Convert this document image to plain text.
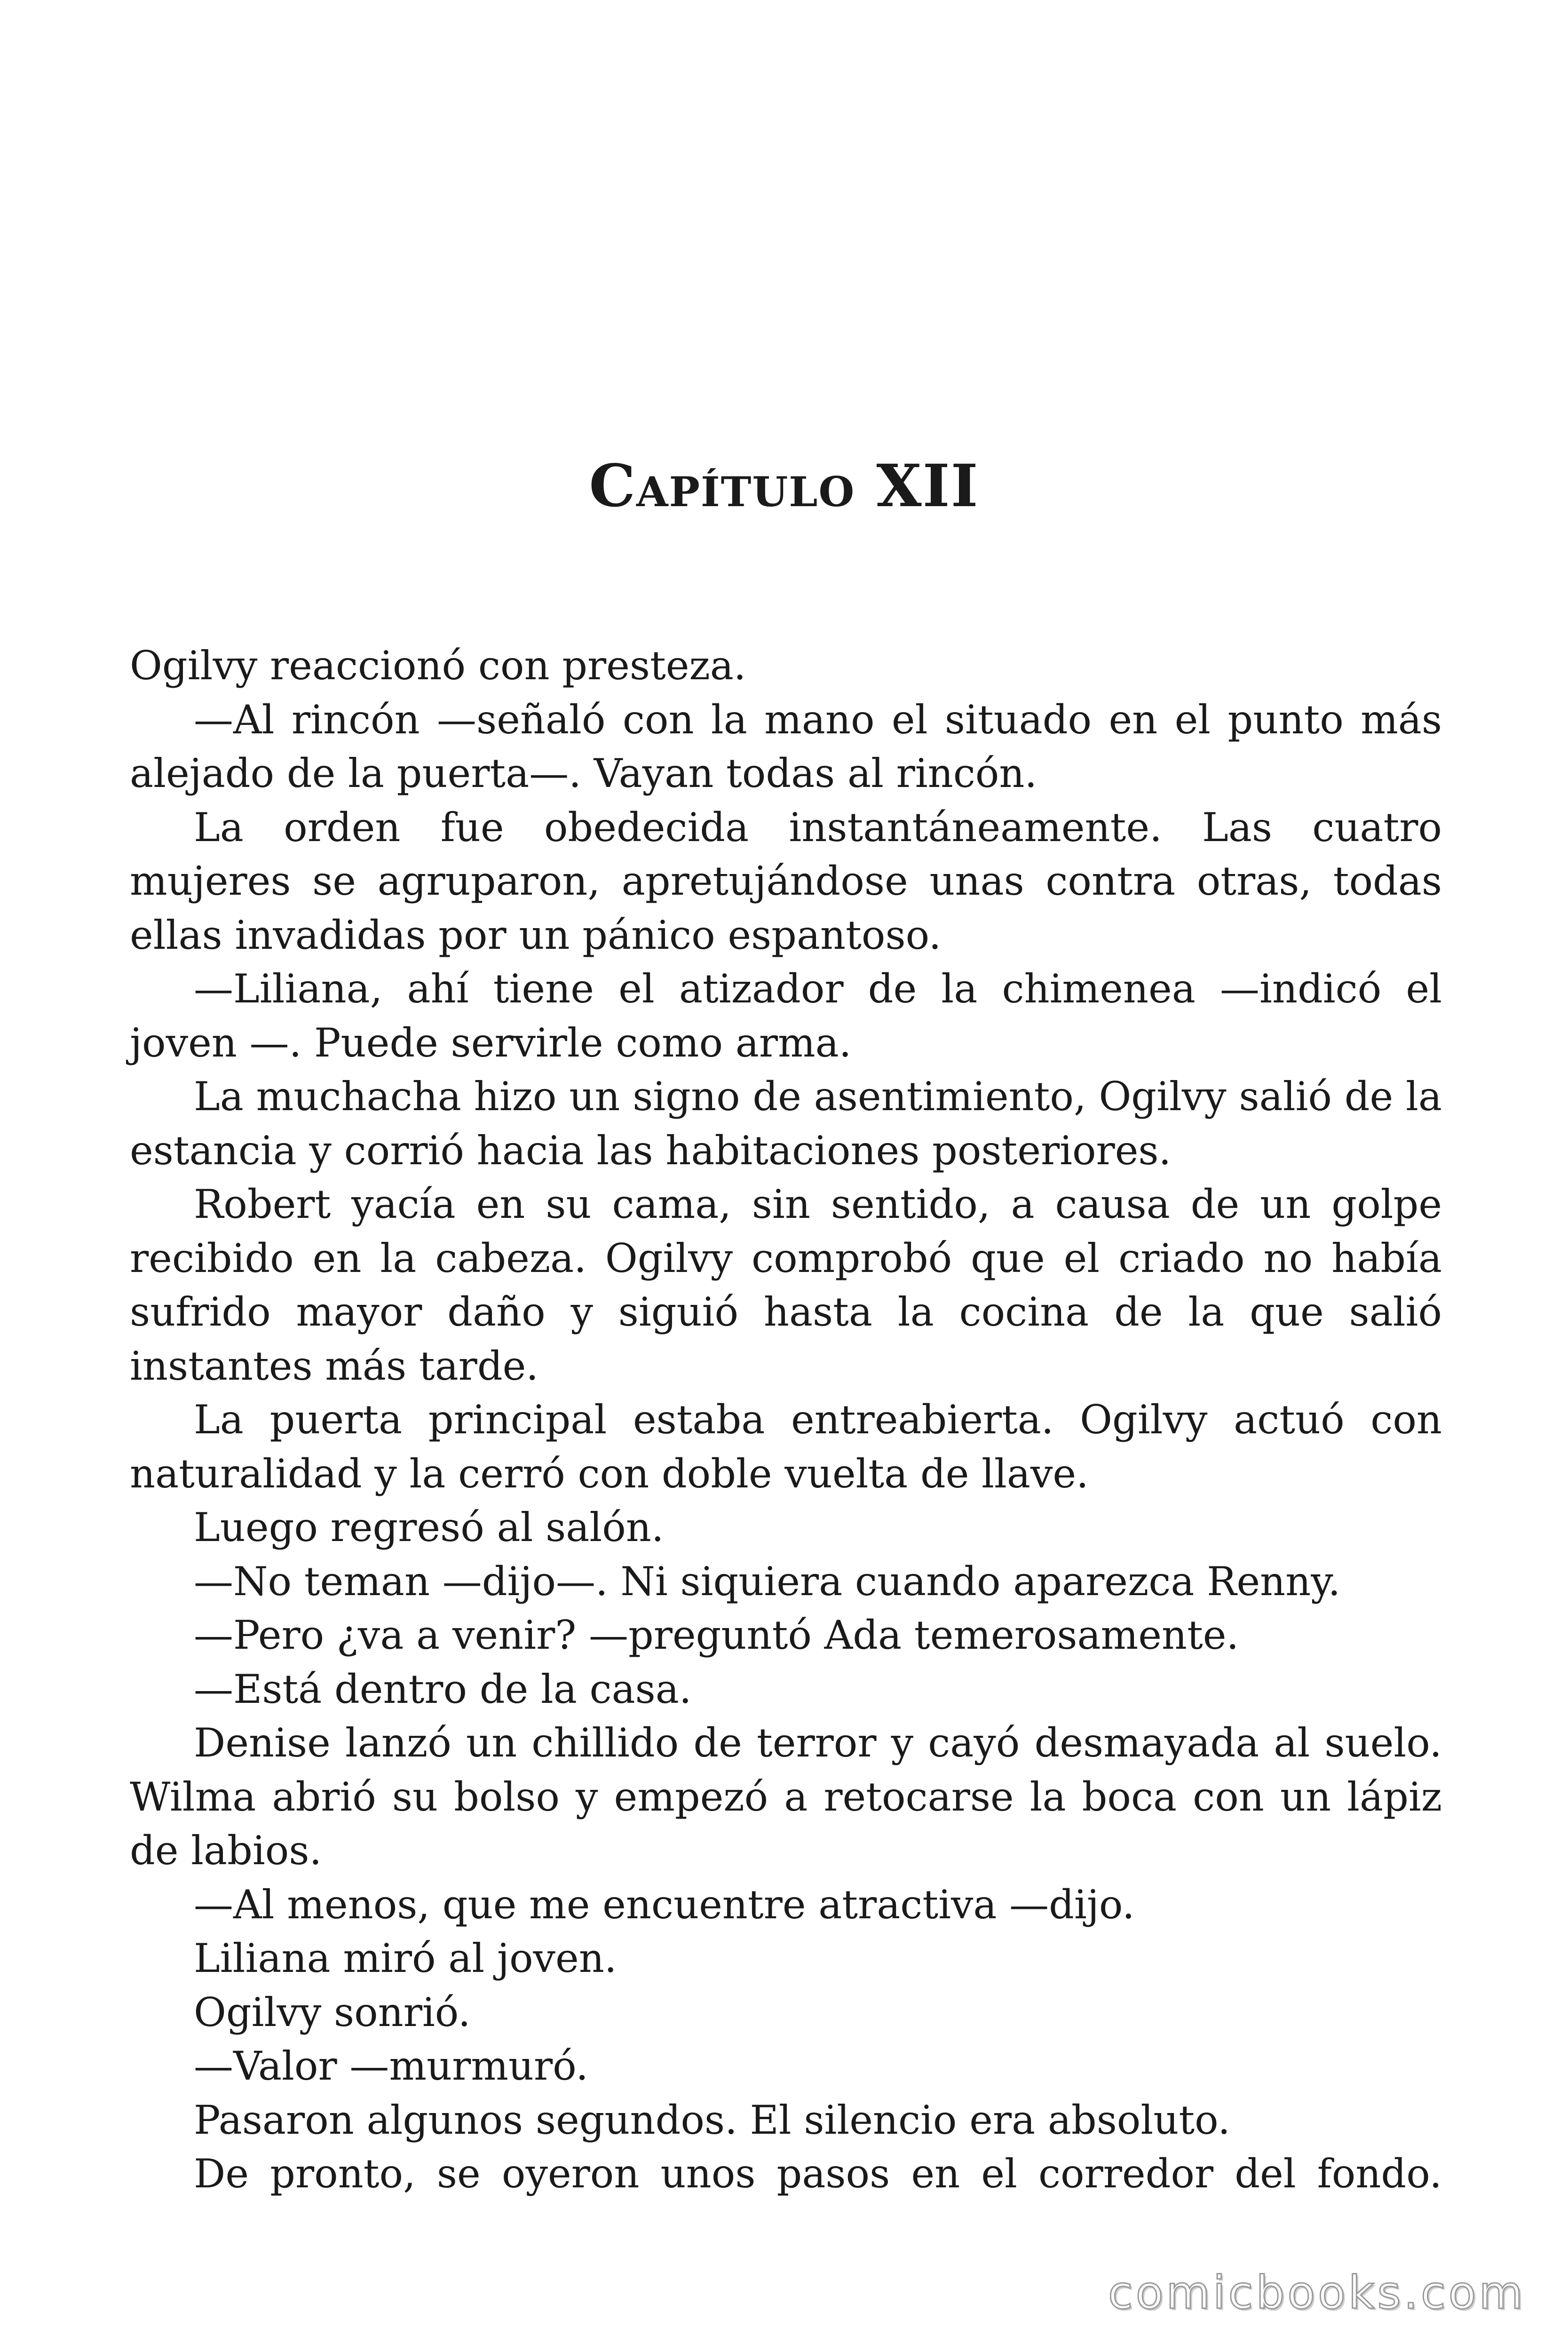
Capítulo XII

Ogilvy reaccionó con presteza.

—Al rincón —señaló con la mano el situado en el punto más alejado de la puerta—. Vayan todas al rincón.

La orden fue obedecida instantáneamente. Las cuatro mujeres se agruparon, apretujándose unas contra otras, todas ellas invadidas por un pánico espantoso.

—Liliana, ahí tiene el atizador de la chimenea —indicó el joven —. Puede servirle como arma.

La muchacha hizo un signo de asentimiento, Ogilvy salió de la estancia y corrió hacia las habitaciones posteriores.

Robert yacía en su cama, sin sentido, a causa de un golpe recibido en la cabeza. Ogilvy comprobó que el criado no había sufrido mayor daño y siguió hasta la cocina de la que salió instantes más tarde.

La puerta principal estaba entreabierta. Ogilvy actuó con naturalidad y la cerró con doble vuelta de llave.

Luego regresó al salón.

—No teman —dijo—. Ni siquiera cuando aparezca Renny.

—Pero ¿va a venir? —preguntó Ada temerosamente.

—Está dentro de la casa.

Denise lanzó un chillido de terror y cayó desmayada al suelo. Wilma abrió su bolso y empezó a retocarse la boca con un lápiz de labios.

—Al menos, que me encuentre atractiva —dijo.

Liliana miró al joven.

Ogilvy sonrió.

—Valor —murmuró.

Pasaron algunos segundos. El silencio era absoluto.

De pronto, se oyeron unos pasos en el corredor del fondo.

comicbooks.com
